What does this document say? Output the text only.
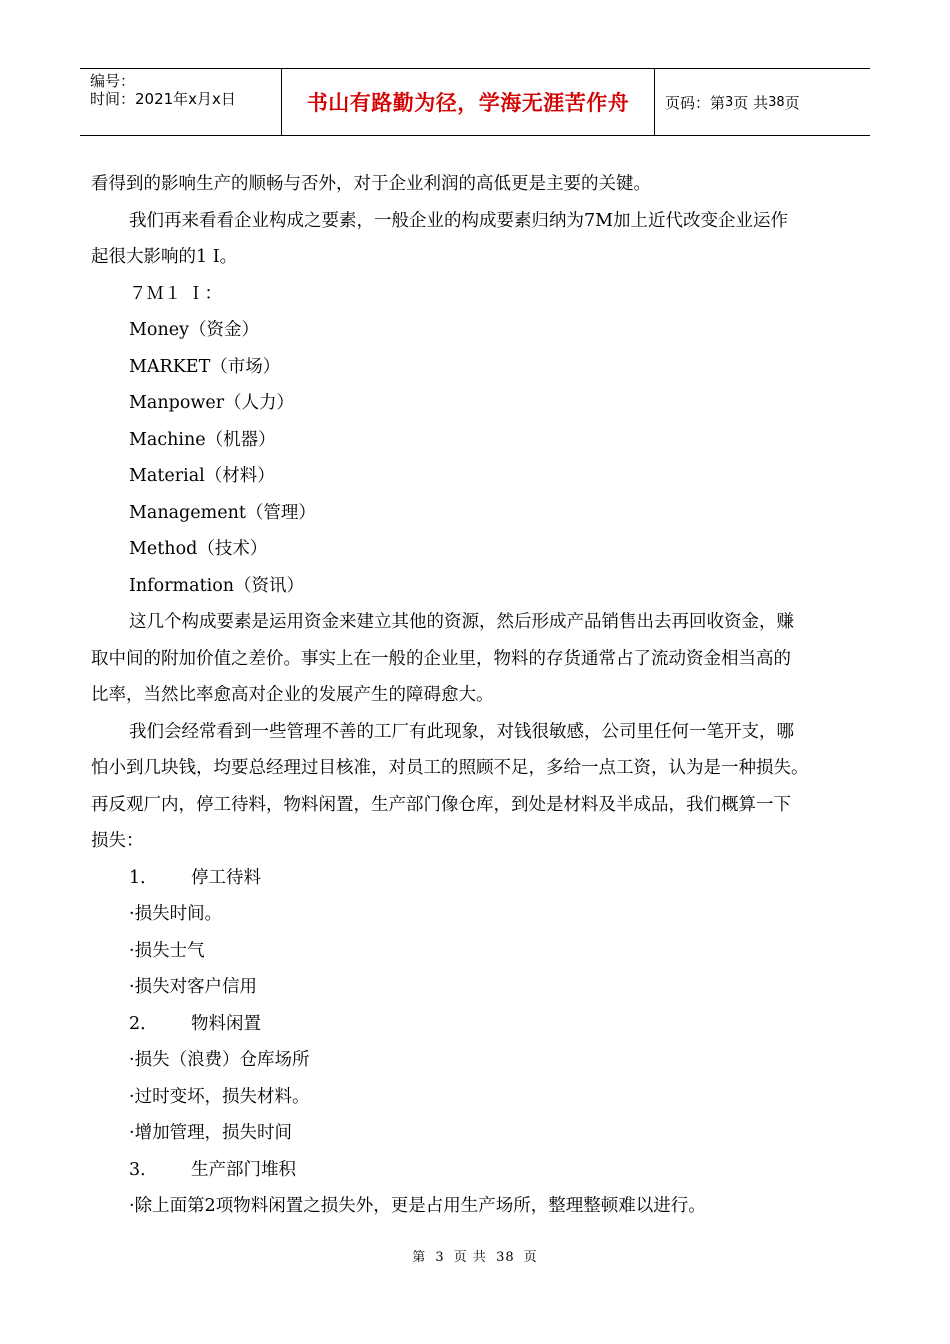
编号：
时间：2021年x月x日	书山有路勤为径，学海无涯苦作舟	页码：第 3 页 共 38 页

看得到的影响生产的顺畅与否外，对于企业利润的高低更是主要的关键。

我们再来看看企业构成之要素，一般企业的构成要素归纳为7M加上近代改变企业运作

起很大影响的1 I。

７Ｍ１ Ｉ：

Money（资金）

MARKET（市场）

Manpower（人力）

Machine（机器）

Material（材料）

Management（管理）

Method（技术）

Information（资讯）

这几个构成要素是运用资金来建立其他的资源，然后形成产品销售出去再回收资金，赚

取中间的附加价值之差价。事实上在一般的企业里，物料的存货通常占了流动资金相当高的

比率，当然比率愈高对企业的发展产生的障碍愈大。

我们会经常看到一些管理不善的工厂有此现象，对钱很敏感，公司里任何一笔开支，哪

怕小到几块钱，均要总经理过目核准，对员工的照顾不足，多给一点工资，认为是一种损失。

再反观厂内，停工待料，物料闲置，生产部门像仓库，到处是材料及半成品，我们概算一下

损失：

1． 停工待料

·损失时间。

·损失士气

·损失对客户信用

2． 物料闲置

·损失（浪费）仓库场所

·过时变坏，损失材料。

·增加管理，损失时间

3． 生产部门堆积

·除上面第2项物料闲置之损失外，更是占用生产场所，整理整顿难以进行。

第 3 页 共 38 页
